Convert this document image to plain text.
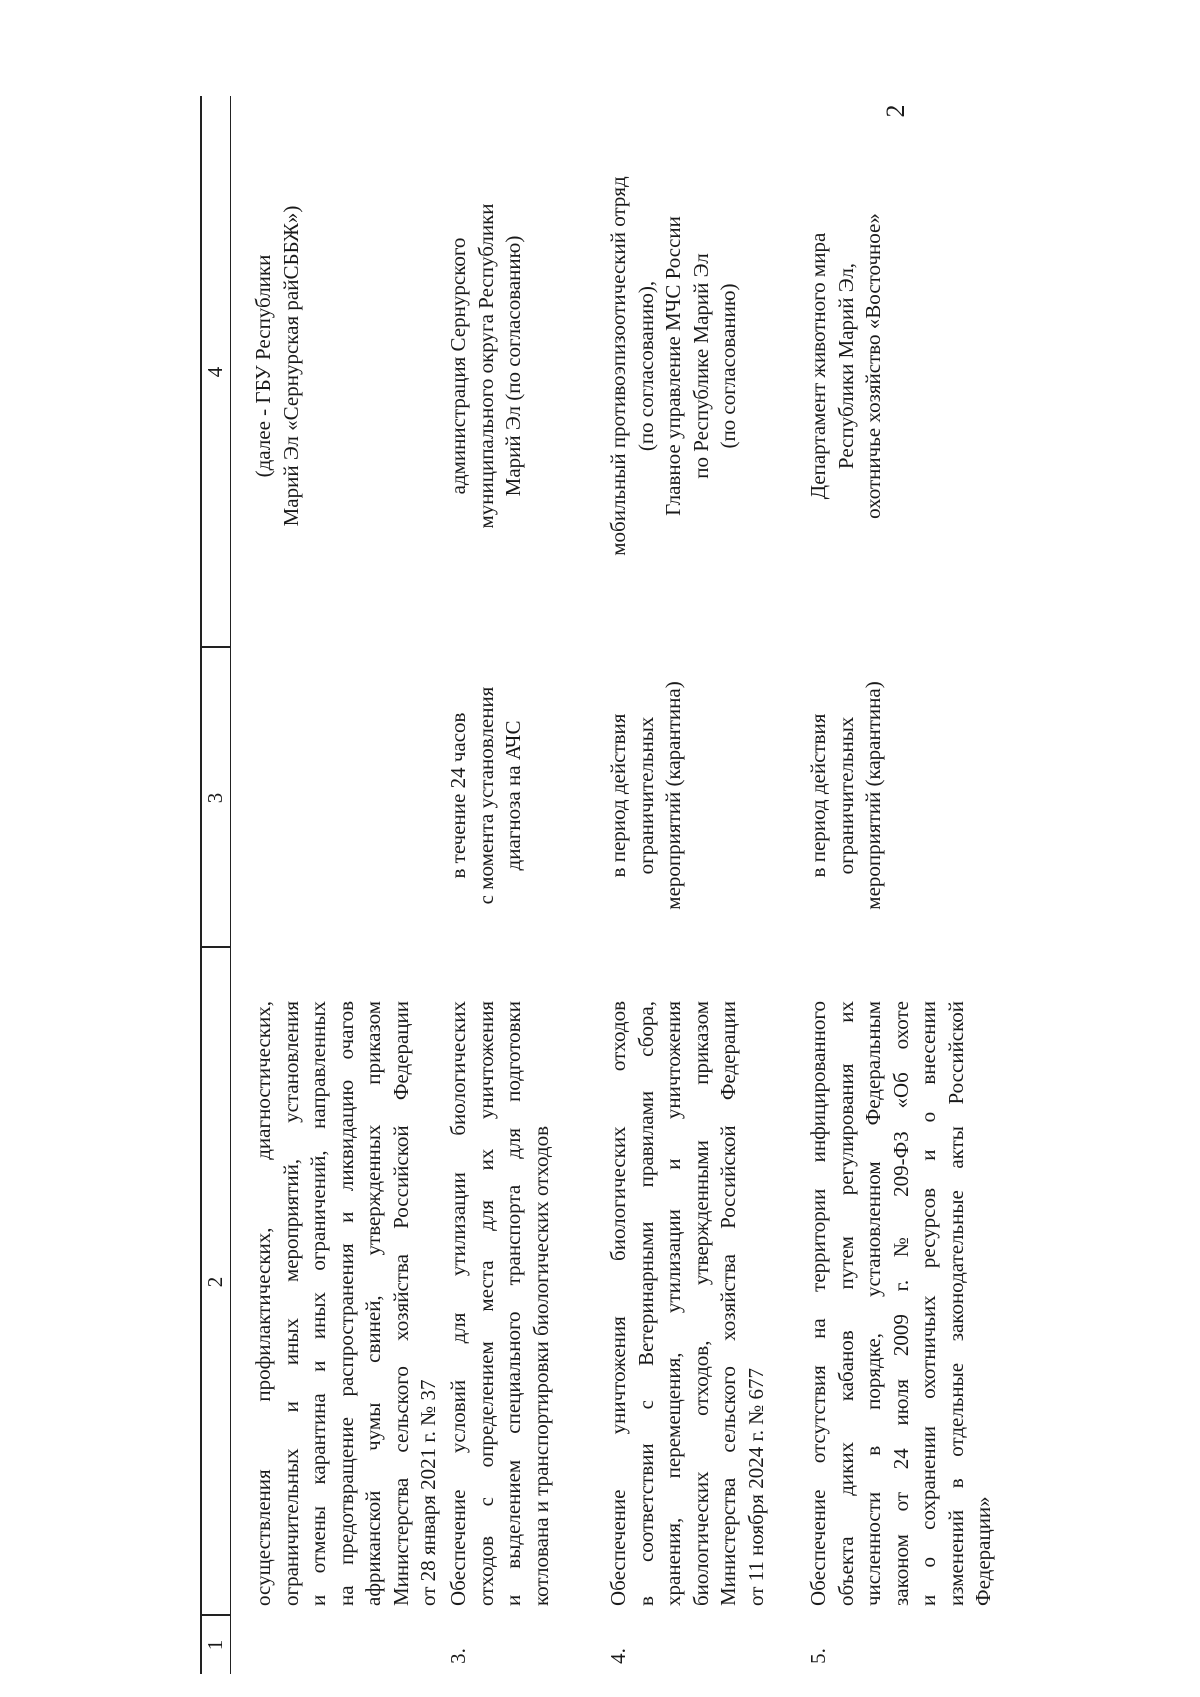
2
1
2
3
4
осуществления профилактических, диагностических, ограничительных и иных мероприятий, установления и отмены карантина и иных ограничений, направленных на предотвращение распространения и ликвидацию очагов африканской чумы свиней, утвержденных приказом Министерства сельского хозяйства Российской Федерации от 28 января 2021 г. № 37
(далее - ГБУ Республики Марий Эл «Сернурская райСББЖ»)
3.
Обеспечение условий для утилизации биологических отходов с определением места для их уничтожения и выделением специального транспорта для подготовки котлована и транспортировки биологических отходов
в течение 24 часов с момента установления диагноза на АЧС
администрация Сернурского муниципального округа Республики Марий Эл (по согласованию)
4.
Обеспечение уничтожения биологических отходов в соответствии с Ветеринарными правилами сбора, хранения, перемещения, утилизации и уничтожения биологических отходов, утвержденными приказом Министерства сельского хозяйства Российской Федерации от 11 ноября 2024 г. № 677
в период действия ограничительных мероприятий (карантина)
мобильный противоэпизоотический отряд (по согласованию), Главное управление МЧС России по Республике Марий Эл (по согласованию)
5.
Обеспечение отсутствия на территории инфицированного объекта диких кабанов путем регулирования их численности в порядке, установленном Федеральным законом от 24 июля 2009 г. № 209-ФЗ «Об охоте и о сохранении охотничьих ресурсов и о внесении изменений в отдельные законодательные акты Российской Федерации»
в период действия ограничительных мероприятий (карантина)
Департамент животного мира Республики Марий Эл, охотничье хозяйство «Восточное»
